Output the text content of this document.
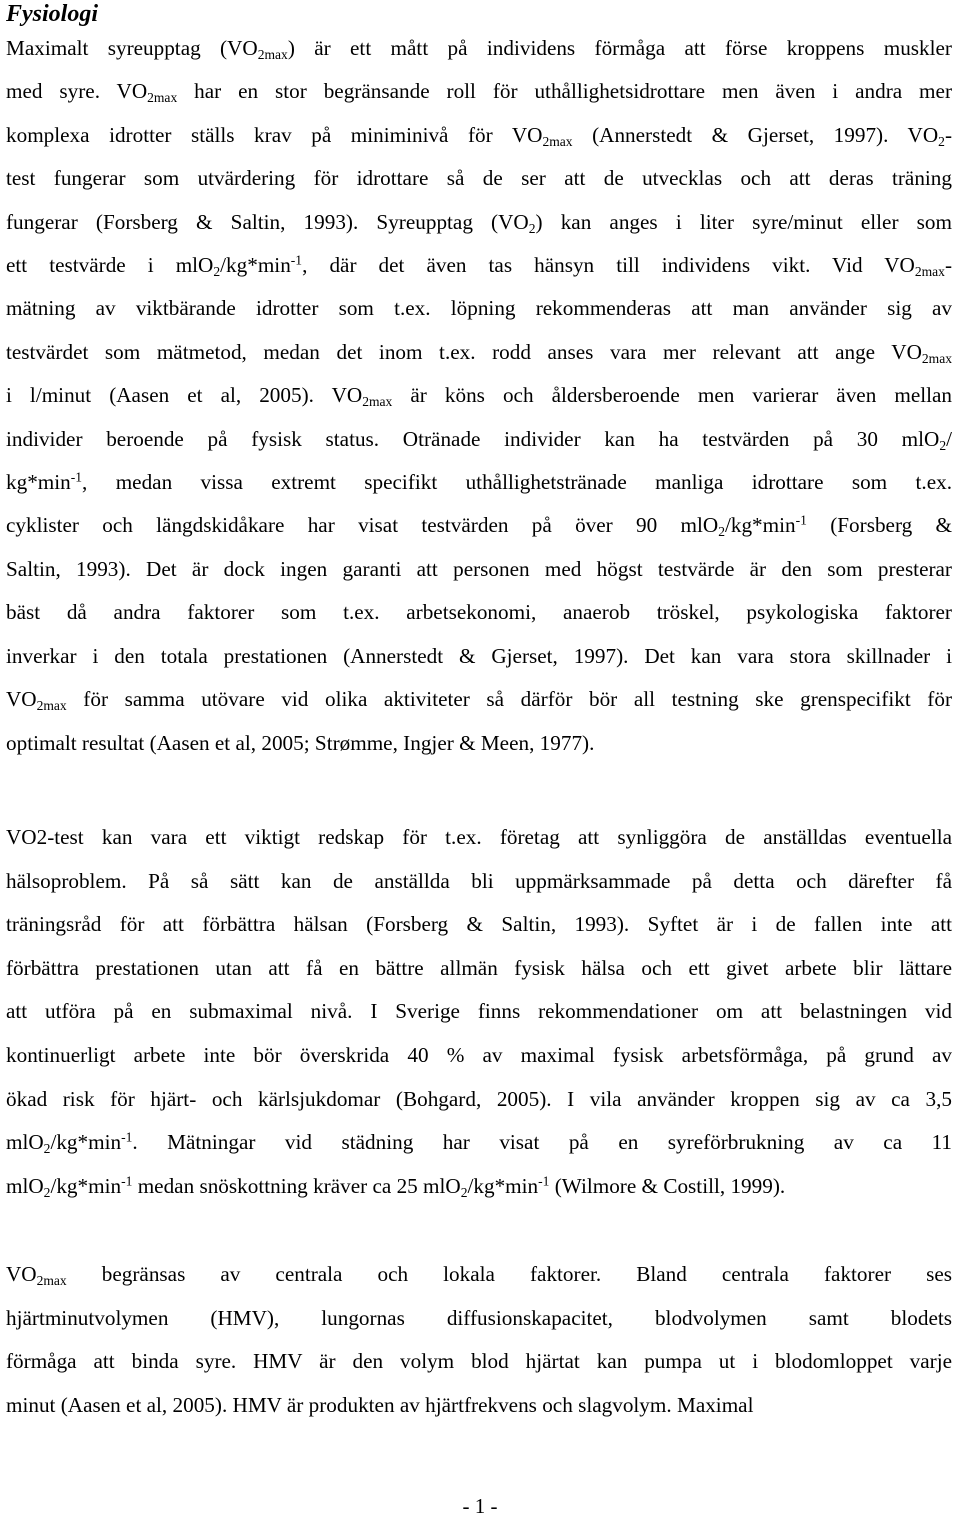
Fysiologi
Maximalt syreupptag $(VO_{2max})$ är ett mått på individens förmåga att förse kroppens muskler
med syre. $VO_{2max}$ har en stor begränsande roll för uthållighetsidrottare men även i andra mer
komplexa idrotter ställs krav på miniminivå för $VO_{2max}$ (Annerstedt & Gjerset, 1997). $VO_2-$
test fungerar som utvärdering för idrottare så de ser att de utvecklas och att deras träning
fungerar (Forsberg & Saltin, 1993). Syreupptag $(VO_2)$ kan anges i liter syre/minut eller som
ett testvärde i $mlO_2/kg*\min^{-1}$, där det även tas hänsyn till individens vikt. Vid $VO_{2max}-$
mätning av viktbärande idrotter som t.ex. löpning rekommenderas att man använder sig av
testvärdet som mätmetod, medan det inom t.ex. rodd anses vara mer relevant att ange $VO_{2max}$
i l/minut (Aasen et al, 2005). $VO_{2max}$ är köns och åldersberoende men varierar även mellan
individer beroende på fysisk status. Otränade individer kan ha testvärden på 30 mlO$_2$/
$kg*\min^{-1}$, medan vissa extremt specifikt uthållighetstränade manliga idrottare som t.ex.
cyklister och längdskidåkare har visat testvärden på över 90 $mlO_2/kg*\min^{-1}$ (Forsberg &
Saltin, 1993). Det är dock ingen garanti att personen med högst testvärde är den som presterar
bäst då andra faktorer som t.ex. arbetsekonomi, anaerob tröskel, psykologiska faktorer
inverkar i den totala prestationen (Annerstedt & Gjerset, 1997). Det kan vara stora skillnader i
$VO_{2max}$ för samma utövare vid olika aktiviteter så därför bör all testning ske grenspecifikt för
optimalt resultat (Aasen et al, 2005; Strømme, Ingjer & Meen, 1977).
VO2-test kan vara ett viktigt redskap för t.ex. företag att synliggöra de anställdas eventuella
hälsoproblem. På så sätt kan de anställda bli uppmärksammade på detta och därefter få
träningsråd för att förbättra hälsan (Forsberg & Saltin, 1993). Syftet är i de fallen inte att
förbättra prestationen utan att få en bättre allmän fysisk hälsa och ett givet arbete blir lättare
att utföra på en submaximal nivå. I Sverige finns rekommendationer om att belastningen vid
kontinuerligt arbete inte bör överskrida 40 % av maximal fysisk arbetsförmåga, på grund av
ökad risk för hjärt- och kärlsjukdomar (Bohgard, 2005). I vila använder kroppen sig av ca 3,5
$mlO_2/kg*\min^{-1}$. Mätningar vid städning har visat på en syreförbrukning av ca 11
$mlO_2/kg*\min^{-1}$ medan snöskottning kräver ca 25 $mlO_2/kg*\min^{-1}$ (Wilmore & Costill, 1999).
$VO_{2max}$ begränsas av centrala och lokala faktorer. Bland centrala faktorer ses
hjärtminutvolymen (HMV), lungornas diffusionskapacitet, blodvolymen samt blodets
förmåga att binda syre. HMV är den volym blod hjärtat kan pumpa ut i blodomloppet varje
minut (Aasen et al, 2005). HMV är produkten av hjärtfrekvens och slagvolym. Maximal
- 1 -
